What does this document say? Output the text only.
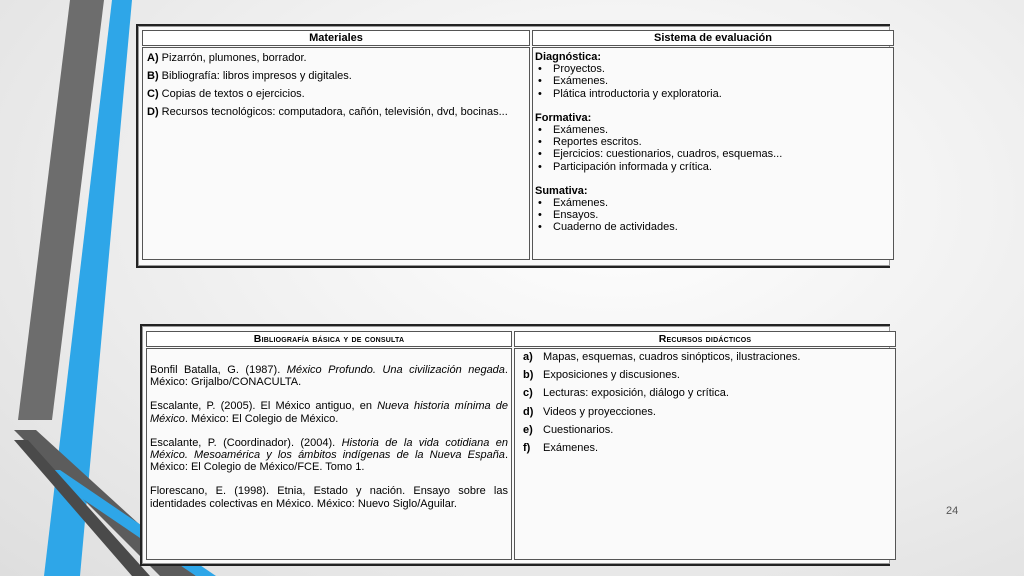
Materiales	Sistema de evaluación
A) Pizarrón, plumones, borrador.
B) Bibliografía: libros impresos y digitales.
C) Copias de textos o ejercicios.
D) Recursos tecnológicos: computadora, cañón, televisión, dvd, bocinas...
Diagnóstica:
• Proyectos.
• Exámenes.
• Plática introductoria y exploratoria.
Formativa:
• Exámenes.
• Reportes escritos.
• Ejercicios: cuestionarios, cuadros, esquemas...
• Participación informada y crítica.
Sumativa:
• Exámenes.
• Ensayos.
• Cuaderno de actividades.
Bibliografía básica y de consulta	Recursos didácticos

Bonfil Batalla, G. (1987). México Profundo. Una civilización negada. México: Grijalbo/CONACULTA.

Escalante, P. (2005). El México antiguo, en Nueva historia mínima de México. México: El Colegio de México.

Escalante, P. (Coordinador). (2004). Historia de la vida cotidiana en México. Mesoamérica y los ámbitos indígenas de la Nueva España. México: El Colegio de México/FCE. Tomo 1.

Florescano, E. (1998). Etnia, Estado y nación. Ensayo sobre las identidades colectivas en México. México: Nuevo Siglo/Aguilar.

a) Mapas, esquemas, cuadros sinópticos, ilustraciones.
b) Exposiciones y discusiones.
c) Lecturas: exposición, diálogo y crítica.
d) Videos y proyecciones.
e) Cuestionarios.
f) Exámenes.
24
